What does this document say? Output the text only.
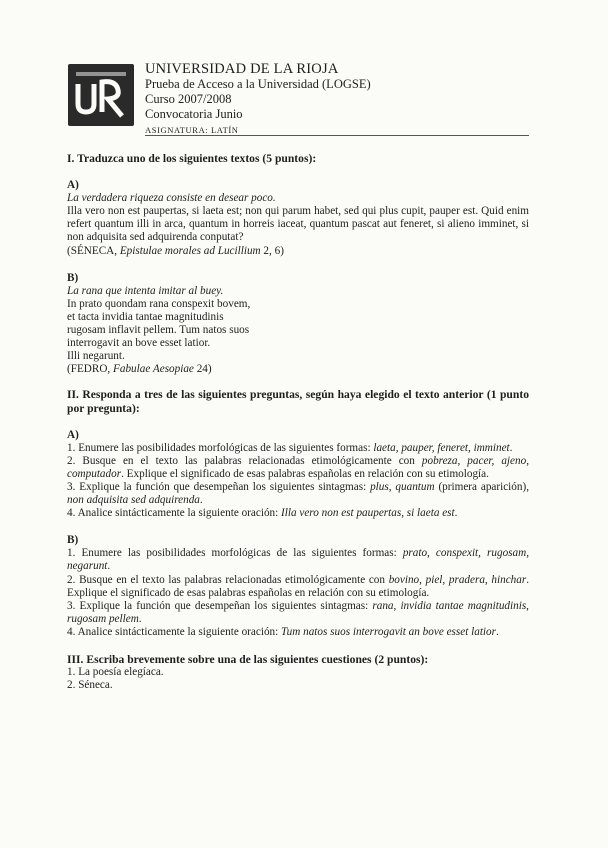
UNIVERSIDAD DE LA RIOJA
Prueba de Acceso a la Universidad (LOGSE)
Curso 2007/2008
Convocatoria Junio
ASIGNATURA: LATÍN

I. Traduzca uno de los siguientes textos (5 puntos):

A)

La verdadera riqueza consiste en desear poco.

Illa vero non est paupertas, si laeta est; non qui parum habet, sed qui plus cupit, pauper est. Quid enim refert quantum illi in arca, quantum in horreis iaceat, quantum pascat aut feneret, si alieno imminet, si non adquisita sed adquirenda conputat?

(SÉNECA, Epistulae morales ad Lucillium 2, 6)

B)

La rana que intenta imitar al buey.

In prato quondam rana conspexit bovem,

et tacta invidia tantae magnitudinis

rugosam inflavit pellem. Tum natos suos

interrogavit an bove esset latior.

Illi negarunt.

(FEDRO, Fabulae Aesopiae 24)

II. Responda a tres de las siguientes preguntas, según haya elegido el texto anterior (1 punto por pregunta):

A)

1. Enumere las posibilidades morfológicas de las siguientes formas: laeta, pauper, feneret, imminet.

2. Busque en el texto las palabras relacionadas etimológicamente con pobreza, pacer, ajeno, computador. Explique el significado de esas palabras españolas en relación con su etimología.

3. Explique la función que desempeñan los siguientes sintagmas: plus, quantum (primera aparición), non adquisita sed adquirenda.

4. Analice sintácticamente la siguiente oración: Illa vero non est paupertas, si laeta est.

B)

1. Enumere las posibilidades morfológicas de las siguientes formas: prato, conspexit, rugosam, negarunt.

2. Busque en el texto las palabras relacionadas etimológicamente con bovino, piel, pradera, hinchar. Explique el significado de esas palabras españolas en relación con su etimología.

3. Explique la función que desempeñan los siguientes sintagmas: rana, invidia tantae magnitudinis, rugosam pellem.

4. Analice sintácticamente la siguiente oración: Tum natos suos interrogavit an bove esset latior.

III. Escriba brevemente sobre una de las siguientes cuestiones (2 puntos):

1. La poesía elegíaca.

2. Séneca.
